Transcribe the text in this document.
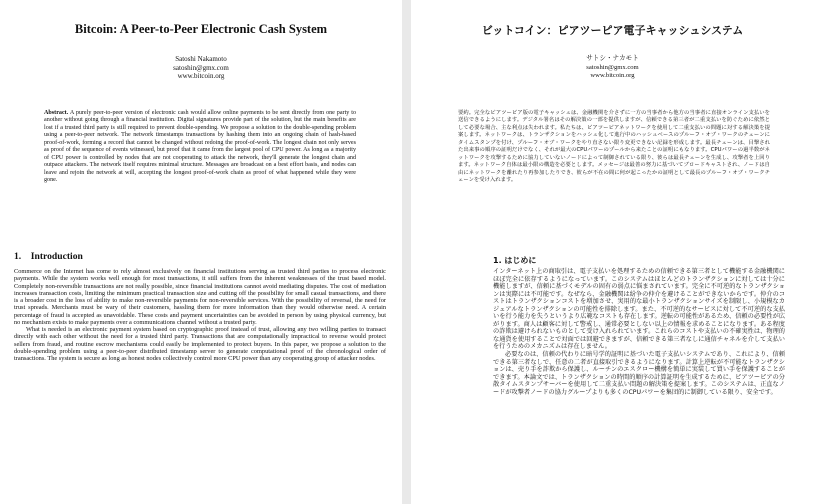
Bitcoin: A Peer-to-Peer Electronic Cash System
Satoshi Nakamoto
satoshin@gmx.com
www.bitcoin.org
Abstract. A purely peer-to-peer version of electronic cash would allow online payments to be sent directly from one party to another without going through a financial institution. Digital signatures provide part of the solution, but the main benefits are lost if a trusted third party is still required to prevent double-spending. We propose a solution to the double-spending problem using a peer-to-peer network. The network timestamps transactions by hashing them into an ongoing chain of hash-based proof-of-work, forming a record that cannot be changed without redoing the proof-of-work. The longest chain not only serves as proof of the sequence of events witnessed, but proof that it came from the largest pool of CPU power. As long as a majority of CPU power is controlled by nodes that are not cooperating to attack the network, they'll generate the longest chain and outpace attackers. The network itself requires minimal structure. Messages are broadcast on a best effort basis, and nodes can leave and rejoin the network at will, accepting the longest proof-of-work chain as proof of what happened while they were gone.
1.    Introduction

Commerce on the Internet has come to rely almost exclusively on financial institutions serving as trusted third parties to process electronic payments. While the system works well enough for most transactions, it still suffers from the inherent weaknesses of the trust based model. Completely non-reversible transactions are not really possible, since financial institutions cannot avoid mediating disputes. The cost of mediation increases transaction costs, limiting the minimum practical transaction size and cutting off the possibility for small casual transactions, and there is a broader cost in the loss of ability to make non-reversible payments for non-reversible services. With the possibility of reversal, the need for trust spreads. Merchants must be wary of their customers, hassling them for more information than they would otherwise need. A certain percentage of fraud is accepted as unavoidable. These costs and payment uncertainties can be avoided in person by using physical currency, but no mechanism exists to make payments over a communications channel without a trusted party.

What is needed is an electronic payment system based on cryptographic proof instead of trust, allowing any two willing parties to transact directly with each other without the need for a trusted third party. Transactions that are computationally impractical to reverse would protect sellers from fraud, and routine escrow mechanisms could easily be implemented to protect buyers. In this paper, we propose a solution to the double-spending problem using a peer-to-peer distributed timestamp server to generate computational proof of the chronological order of transactions. The system is secure as long as honest nodes collectively control more CPU power than any cooperating group of attacker nodes.

ビットコイン：ピアツーピア電子キャッシュシステム
サトシ・ナカモト
satoshin@gmx.com
www.bitcoin.org
要約。完全なピアツーピア版の電子キャッシュは、金融機関を介さずに一方の当事者から他方の当事者に直接オンライン支払いを送信できるようにします。デジタル署名はその解決策の一部を提供しますが、信頼できる第三者が二重支払いを防ぐために依然として必要な場合、主な利点は失われます。私たちは、ピアツーピアネットワークを使用して二重支払いの問題に対する解決策を提案します。ネットワークは、トランザクションをハッシュ化して進行中のハッシュベースのプルーフ・オブ・ワークのチェーンにタイムスタンプを付け、プルーフ・オブ・ワークをやり直さない限り変更できない記録を形成します。最長チェーンは、目撃された出来事の順序の証明だけでなく、それが最大のCPUパワーのプールから来たことの証明にもなります。CPUパワーの過半数がネットワークを攻撃するために協力していないノードによって制御されている限り、彼らは最長チェーンを生成し、攻撃者を上回ります。ネットワーク自体は最小限の構造を必要とします。メッセージは最善の努力に基づいてブロードキャストされ、ノードは自由にネットワークを離れたり再参加したりでき、彼らが不在の間に何が起こったかの証明として最長のプルーフ・オブ・ワークチェーンを受け入れます。
1. はじめに

インターネット上の商取引は、電子支払いを処理するための信頼できる第三者として機能する金融機関にほぼ完全に依存するようになっています。このシステムはほとんどのトランザクションに対しては十分に機能しますが、信頼に基づくモデルの固有の弱点に悩まされています。完全に不可逆的なトランザクションは実際には不可能です。なぜなら、金融機関は紛争の仲介を避けることができないからです。仲介のコストはトランザクションコストを増加させ、実用的な最小トランザクションサイズを制限し、小規模なカジュアルなトランザクションの可能性を排除します。また、不可逆的なサービスに対して不可逆的な支払いを行う能力を失うというより広範なコストも存在します。逆転の可能性があるため、信頼の必要性が広がります。商人は顧客に対して警戒し、通常必要としない以上の情報を求めることになります。ある程度の詐欺は避けられないものとして受け入れられています。これらのコストや支払いの不確実性は、物理的な通貨を使用することで対面では回避できますが、信頼できる第三者なしに通信チャネルを介して支払いを行うためのメカニズムは存在しません。

必要なのは、信頼の代わりに暗号学的証明に基づいた電子支払いシステムであり、これにより、信頼できる第三者なしで、任意の二者が直接取引できるようになります。計算上逆転が不可能なトランザクションは、売り手を詐欺から保護し、ルーチンのエスクロー機構を簡単に実装して買い手を保護することができます。本論文では、トランザクションの時間的順序の計算証明を生成するために、ピアツーピアの分散タイムスタンプサーバーを使用して二重支払い問題の解決策を提案します。このシステムは、正直なノードが攻撃者ノードの協力グループよりも多くのCPUパワーを集団的に制御している限り、安全です。
